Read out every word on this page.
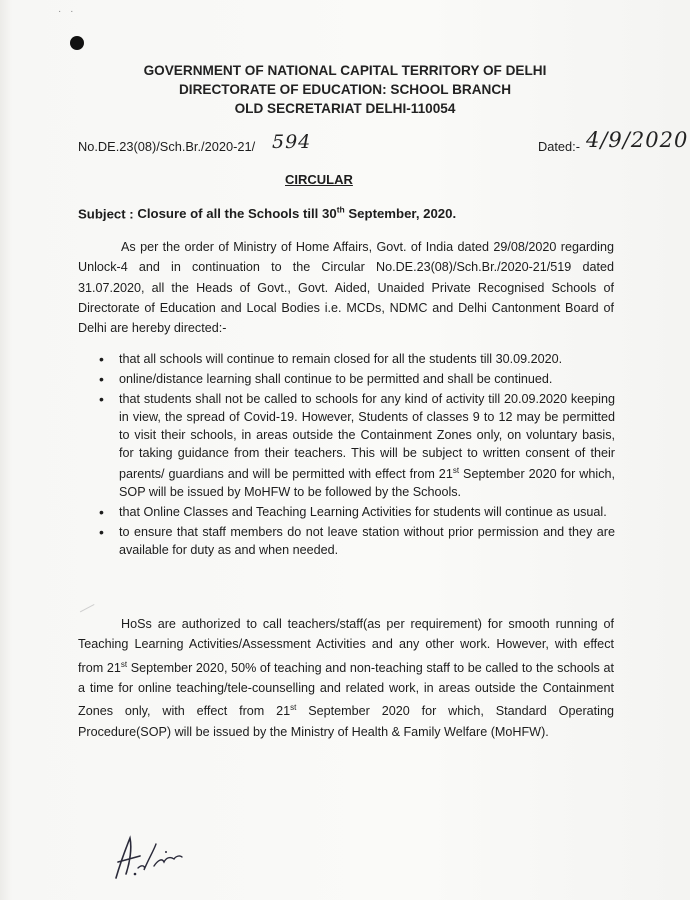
· ·
GOVERNMENT OF NATIONAL CAPITAL TERRITORY OF DELHI
DIRECTORATE OF EDUCATION: SCHOOL BRANCH
OLD SECRETARIAT DELHI-110054
No.DE.23(08)/Sch.Br./2020-21/ 594	Dated:- 4/9/2020
CIRCULAR
Subject : Closure of all the Schools till 30th September, 2020.
As per the order of Ministry of Home Affairs, Govt. of India dated 29/08/2020 regarding Unlock-4 and in continuation to the Circular No.DE.23(08)/Sch.Br./2020-21/519 dated 31.07.2020, all the Heads of Govt., Govt. Aided, Unaided Private Recognised Schools of Directorate of Education and Local Bodies i.e. MCDs, NDMC and Delhi Cantonment Board of Delhi are hereby directed:-
• that all schools will continue to remain closed for all the students till 30.09.2020.
• online/distance learning shall continue to be permitted and shall be continued.
• that students shall not be called to schools for any kind of activity till 20.09.2020 keeping in view, the spread of Covid-19. However, Students of classes 9 to 12 may be permitted to visit their schools, in areas outside the Containment Zones only, on voluntary basis, for taking guidance from their teachers. This will be subject to written consent of their parents/ guardians and will be permitted with effect from 21st September 2020 for which, SOP will be issued by MoHFW to be followed by the Schools.
• that Online Classes and Teaching Learning Activities for students will continue as usual.
• to ensure that staff members do not leave station without prior permission and they are available for duty as and when needed.
HoSs are authorized to call teachers/staff(as per requirement) for smooth running of Teaching Learning Activities/Assessment Activities and any other work. However, with effect from 21st September 2020, 50% of teaching and non-teaching staff to be called to the schools at a time for online teaching/tele-counselling and related work, in areas outside the Containment Zones only, with effect from 21st September 2020 for which, Standard Operating Procedure(SOP) will be issued by the Ministry of Health & Family Welfare (MoHFW).
